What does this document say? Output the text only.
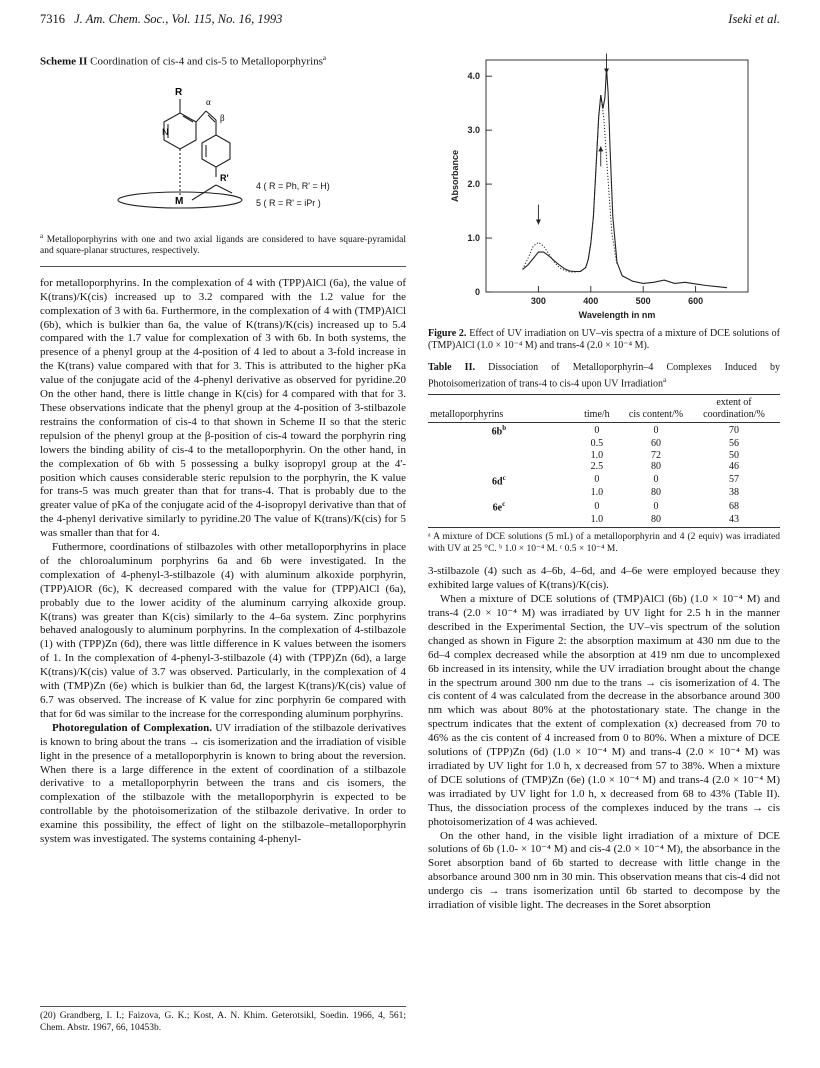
7316 J. Am. Chem. Soc., Vol. 115, No. 16, 1993	Iseki et al.
Scheme II Coordination of cis-4 and cis-5 to Metalloporphyrins$^a$
R
N
α
β
R'
M
4 ( R = Ph, R' = H)
5 ( R = R' = iPr )
$^a$ Metalloporphyrins with one and two axial ligands are considered to have square-pyramidal and square-planar structures, respectively.

for metalloporphyrins. In the complexation of 4 with (TPP)AlCl (6a), the value of K(trans)/K(cis) increased up to 3.2 compared with the 1.2 value for the complexation of 3 with 6a. Furthermore, in the complexation of 4 with (TMP)AlCl (6b), which is bulkier than 6a, the value of K(trans)/K(cis) increased up to 5.4 compared with the 1.7 value for complexation of 3 with 6b. In both systems, the presence of a phenyl group at the 4-position of 4 led to about a 3-fold increase in the K(trans) value compared with that for 3. This is attributed to the higher pKa value of the conjugate acid of the 4-phenyl derivative as observed for pyridine.20 On the other hand, there is little change in K(cis) for 4 compared with that for 3. These observations indicate that the phenyl group at the 4-position of 3-stilbazole restrains the conformation of cis-4 to that shown in Scheme II so that the steric repulsion of the phenyl group at the β-position of cis-4 toward the porphyrin ring lowers the binding ability of cis-4 to the metalloporphyrin. On the other hand, in the complexation of 6b with 5 possessing a bulky isopropyl group at the 4'-position which causes considerable steric repulsion to the porphyrin, the K value for trans-5 was much greater than that for trans-4. That is probably due to the greater value of pKa of the conjugate acid of the 4-isopropyl derivative than that of the 4-phenyl derivative similarly to pyridine.20 The value of K(trans)/K(cis) for 5 was smaller than that for 4.

Futhermore, coordinations of stilbazoles with other metalloporphyrins in place of the chloroaluminum porphyrins 6a and 6b were investigated. In the complexation of 4-phenyl-3-stilbazole (4) with aluminum alkoxide porphyrin, (TPP)AlOR (6c), K decreased compared with the value for (TPP)AlCl (6a), probably due to the lower acidity of the aluminum carrying alkoxide group. K(trans) was greater than K(cis) similarly to the 4–6a system. Zinc porphyrins behaved analogously to aluminum porphyrins. In the complexation of 4-stilbazole (1) with (TPP)Zn (6d), there was little difference in K values between the isomers of 1. In the complexation of 4-phenyl-3-stilbazole (4) with (TPP)Zn (6d), a large K(trans)/K(cis) value of 3.7 was observed. Particularly, in the complexation of 4 with (TMP)Zn (6e) which is bulkier than 6d, the largest K(trans)/K(cis) value of 6.7 was observed. The increase of K value for zinc porphyrin 6e compared with that for 6d was similar to the increase for the corresponding aluminum porphyrins.

Photoregulation of Complexation. UV irradiation of the stilbazole derivatives is known to bring about the trans → cis isomerization and the irradiation of visible light in the presence of a metalloporphyrin is known to bring about the reversion. When there is a large difference in the extent of coordination of a stilbazole derivative to a metalloporphyrin between the trans and cis isomers, the complexation of the stilbazole with the metalloporphyrin is expected to be controllable by the photoisomerization of the stilbazole derivative. In order to examine this possibility, the effect of light on the stilbazole–metalloporphyrin system was investigated. The systems containing 4-phenyl-

(20) Grandberg, I. I.; Faizova, G. K.; Kost, A. N. Khim. Geterotsikl, Soedin. 1966, 4, 561; Chem. Abstr. 1967, 66, 10453b.
0
1.0
2.0
3.0
4.0
300	400	500	600
Absorbance
Wavelength in nm
Figure 2. Effect of UV irradiation on UV–vis spectra of a mixture of DCE solutions of (TMP)AlCl (1.0 × 10⁻⁴ M) and trans-4 (2.0 × 10⁻⁴ M).
Table II. Dissociation of Metalloporphyrin–4 Complexes Induced by Photoisomerization of trans-4 to cis-4 upon UV Irradiation$^a$
metalloporphyrins	time/h	cis content/%	extent of coordination/%
$6b^b$	0	0	70
	0.5	60	56
	1.0	72	50
	2.5	80	46
$6d^c$	0	0	57
	1.0	80	38
$6e^c$	0	0	68
	1.0	80	43
ᵃ A mixture of DCE solutions (5 mL) of a metalloporphyrin and 4 (2 equiv) was irradiated with UV at 25 °C. ᵇ 1.0 × 10⁻⁴ M. ᶜ 0.5 × 10⁻⁴ M.

3-stilbazole (4) such as 4–6b, 4–6d, and 4–6e were employed because they exhibited large values of K(trans)/K(cis).

When a mixture of DCE solutions of (TMP)AlCl (6b) (1.0 × 10⁻⁴ M) and trans-4 (2.0 × 10⁻⁴ M) was irradiated by UV light for 2.5 h in the manner described in the Experimental Section, the UV–vis spectrum of the solution changed as shown in Figure 2: the absorption maximum at 430 nm due to the 6d–4 complex decreased while the absorption at 419 nm due to uncomplexed 6b increased in its intensity, while the UV irradiation brought about the change in the spectrum around 300 nm due to the trans → cis isomerization of 4. The cis content of 4 was calculated from the decrease in the absorbance around 300 nm which was about 80% at the photostationary state. The change in the spectrum indicates that the extent of complexation (x) decreased from 70 to 46% as the cis content of 4 increased from 0 to 80%. When a mixture of DCE solutions of (TPP)Zn (6d) (1.0 × 10⁻⁴ M) and trans-4 (2.0 × 10⁻⁴ M) was irradiated by UV light for 1.0 h, x decreased from 57 to 38%. When a mixture of DCE solutions of (TMP)Zn (6e) (1.0 × 10⁻⁴ M) and trans-4 (2.0 × 10⁻⁴ M) was irradiated by UV light for 1.0 h, x decreased from 68 to 43% (Table II). Thus, the dissociation process of the complexes induced by the trans → cis photoisomerization of 4 was achieved.

On the other hand, in the visible light irradiation of a mixture of DCE solutions of 6b (1.0- × 10⁻⁴ M) and cis-4 (2.0 × 10⁻⁴ M), the absorbance in the Soret absorption band of 6b started to decrease with little change in the absorbance around 300 nm in 30 min. This observation means that cis-4 did not undergo cis → trans isomerization until 6b started to decompose by the irradiation of visible light. The decreases in the Soret absorption
